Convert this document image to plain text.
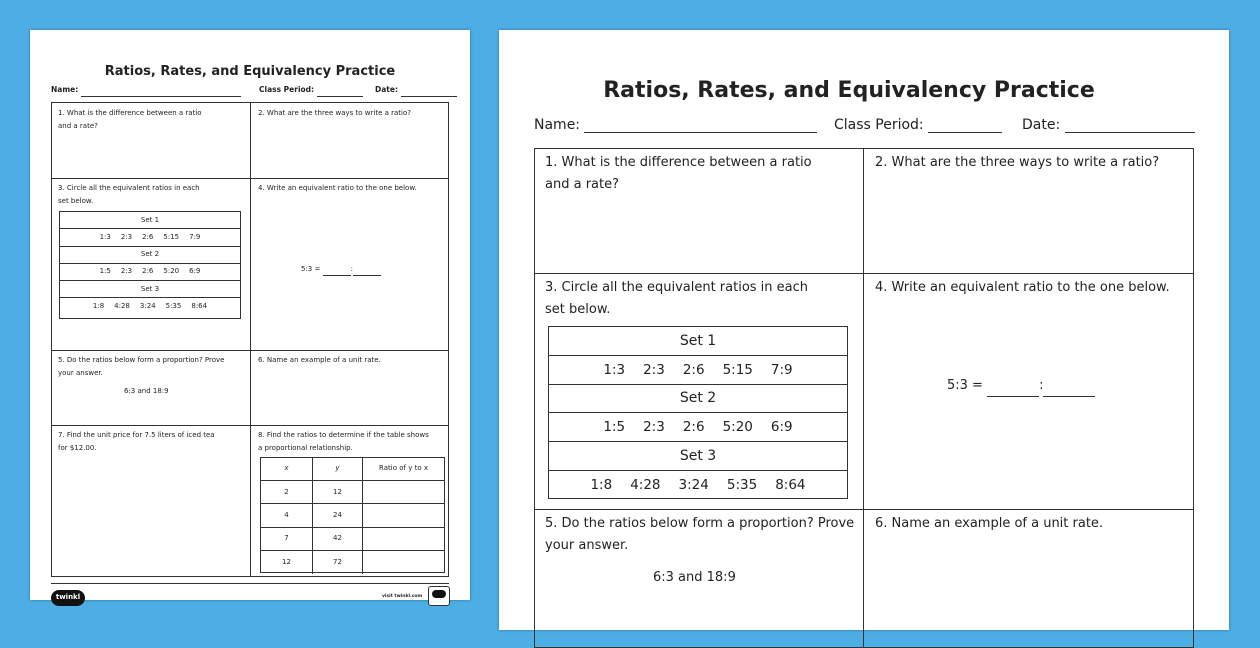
Ratios, Rates, and Equivalency Practice
Name:	Class Period:	Date:
1. What is the difference between a ratio
and a rate?
2. What are the three ways to write a ratio?
3. Circle all the equivalent ratios in each
set below.
Set 1
1:3 2:3 2:6 5:15 7:9
Set 2
1:5 2:3 2:6 5:20 6:9
Set 3
1:8 4:28 3:24 5:35 8:64
4. Write an equivalent ratio to the one below.
5:3 =	:
5. Do the ratios below form a proportion? Prove
your answer.
6:3 and 18:9
6. Name an example of a unit rate.
7. Find the unit price for 7.5 liters of iced tea
for $12.00.
8. Find the ratios to determine if the table shows
a proportional relationship.
x	y	Ratio of y to x
2	12
4	24
7	42
12	72
twinkl	visit twinkl.com
Ratios, Rates, and Equivalency Practice
Name:	Class Period:	Date:
1. What is the difference between a ratio
and a rate?
2. What are the three ways to write a ratio?
3. Circle all the equivalent ratios in each
set below.
Set 1
1:3 2:3 2:6 5:15 7:9
Set 2
1:5 2:3 2:6 5:20 6:9
Set 3
1:8 4:28 3:24 5:35 8:64
4. Write an equivalent ratio to the one below.
5:3 =	:
5. Do the ratios below form a proportion? Prove
your answer.
6:3 and 18:9
6. Name an example of a unit rate.
